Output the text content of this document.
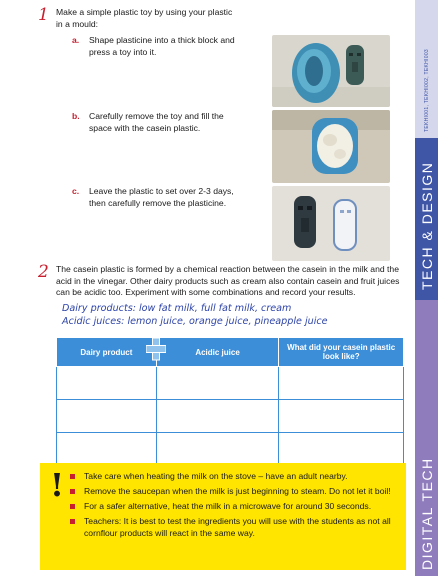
TEKHI001, TEKHI002, TEKHI003
TECH & DESIGN
DIGITAL TECH
1 Make a simple plastic toy by using your plastic in a mould:
a. Shape plasticine into a thick block and press a toy into it.
b. Carefully remove the toy and fill the space with the casein plastic.
c. Leave the plastic to set over 2-3 days, then carefully remove the plasticine.
2 The casein plastic is formed by a chemical reaction between the casein in the milk and the acid in the vinegar. Other dairy products such as cream also contain casein and fruit juices can be acidic too. Experiment with some combinations and record your results.
Dairy products: low fat milk, full fat milk, cream
Acidic juices: lemon juice, orange juice, pineapple juice
Dairy product	Acidic juice	What did your casein plastic look like?

Take care when heating the milk on the stove – have an adult nearby.
Remove the saucepan when the milk is just beginning to steam. Do not let it boil!
For a safer alternative, heat the milk in a microwave for around 30 seconds.
Teachers: It is best to test the ingredients you will use with the students as not all cornflour products will react in the same way.
!
